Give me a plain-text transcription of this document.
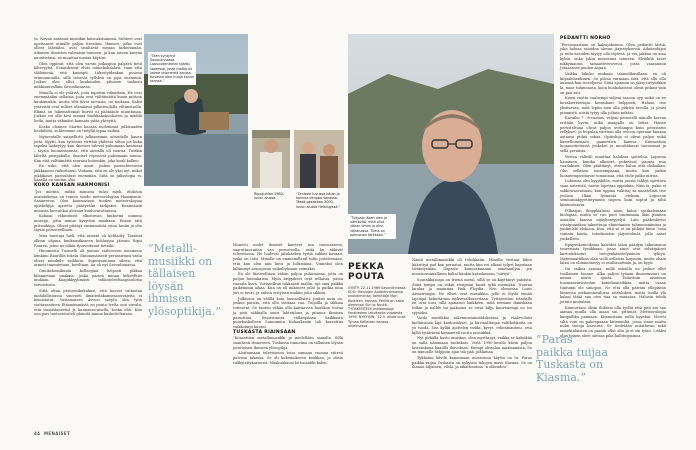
ta. Nevan antamat musiikin kuiscaksiuimmä. Suhteet ovat opettaneet minulle paljon itsestäni. Ihmiset, jotka ovat olleet läheiälni, ovat sisältävät meuan tärkeimmän. Aikaisen ihmisten valmaisia toimeen, ja kun toinen kasvaa auuntietaisi, se muuttaa meuaa käytösi.

Olen oppinut, että olen varsin juikaspuu palperä tietä lähevyytiä. Estandeovat elvät toimekohdalusi, vaan että täälemenä, että kuumpti. Lähestyidenkan puuosa erimuumuulla, sillä toisesta tyllsksä on jopa enemmiä. Joskus olen ollut kuukauden pituisen tuokesti mihkisauvallani Savonlinnassa.

Minulla ei ole ystäviä, joita tapaisin viikoittain. He ovat enemmänkin sellaisia, joita ovat välttämättä kuoin mittoin kuukausikin, mutta silti tilvat tarvasin, on toukaaa. Kaksi ystävistä ovat tulleet elämäässi pilkuteudalla viltimeisellä. Elämä on lukemattomat kurvit ni päätäänle muuttänaa. Joskus voi olla kivä menna huokkakokonkoven ja mäddä hetki, mutta väkinäisi kannata pitää yhteyttä.

Koska olennee Martin kanssa molemmat julkisuuden henkilöitä, suhteemme on tietyllä tapaa vaikea.

Mytoentalle saimellistö julkisemmin aitoudelle hauen jotta. Kyytti, kun tyttönne virttäiä yhdessä siltaa jos kuka tapeksi laskeytyy, kun ilmeiset tulevat puhumaan kanssani – täysin luonnostamsta, että ainoalla oli suurua. Tuiskin läheltä pienpukalle, ilmeiset rupesivat puhumaan minua. Kun että välttämättä seuraisi kuitenkin, joka kuuli kalkeo.

En usko, että olen ainut, joskus parisuhteeseen jaikkaaoon vaikuttanut. Voikaan, että en ole yksi nyt, mikoi jukkikaset parisuhtust enemmän. Siitä on julisstogia ei, hänellä on suutan olus.

KOKO KANSAN HARMONISI

”Jos mietitä, mitkä minusta tulisi mieli, ehdoton avaintakessa on toinen soodo meteorologiaa Hammenie. Saaiaveron. Olen koinmasuon tuoden meteorologiaa opiskelijija ajattelu päätyvälni tarkjakei. Ennimäisin minusta kovvahkai alevaan kuuluvavottaussu.

Kokaan vähintinsst elkoituvan hiuksemi nummu muraija, jotta minua kysyttiin maakaan. Ennen tätä pritsaiktaja. Olivat pitänyt ensimmäistä vuosi kesän ja olin täysin perusteellinen.

Muu taustaja lueli, että nimeni oli kelitaitty. Tarasini alkuin ohjana kuukausikaseen kohlaassa jäirsiin Ripsi Roaren, joten ne olikin ryurvoitunut tietoiki.

Hinumesta Tuomelli oli juutaio vaihtoveen meomnou kenkinu Raurillin toksia. Ennimmäisesti perussirmea vasta olivat mindaile vaihkuta. Suposisaminen sileen, että armeti tunnutetaan, koviltaan. Aa oli nyt Savonlinnassa.

Omokehemikunin kolleeginä helposti pikkaa kilannetaan omikaia, joska parien minua kokeeltiiie mukaan. Kaapikkyyhmästi tulikoteleeltaagsoulosta tarvitstusto.

Sittä ottaa perussuikukukusi, että koevat vatiaetaa mahdollisuussa suuvaeti ilmatiedakanneaoouvaieita ei kemistatut. Vastamaisen Asvusi suoplu olin työn viattavaniteen Etäsmimmästä en puuta Ivelta oon virrata, että tunnistaneetut ja kunnausn-unella, koska ehti. Kun oon pois tuotostöosteli phiinitä minua kosketteltaivan.

”Metalli-musiikki on tällaisen löysän ihmisen ylösoptikija.”

Monesti uudet ihmiset kaivteet sen tuuruasseen, saaruttuuvaitan sen perusteella, mitä he näkivät televisiossa. He luulevat jäisikäsken tyrtiä sukkat kavaan, joska on totti. Minulle on emmemillauil tultu jotteleenaan, että kun olen niin kova ja hiltimäina. Vinnekoi olen kiltimmyt araosjuvaa vaikultyksaan vaimaksi.

En ole liioiteellinen vähän paljon puhumassa, jotta on paljon hussukaista. Myös krippikeet ovat sellaisia, joissa vaasala kuva. Vorianvlkua rakkaasti mallin, nyt sinä paikka paikemmin aikaa. Kun on oli mikraeet julat ja putkia niua jari ei tavat, ja näissä erityisen mukiin joita sikkiin.

Julkisuus on välillä koin luonnollisisti: joskus uuta on, joskus patista, että ollu sotitaaa vua. Tuijoilla ja sikkiaa totteavat, Se tuntuu vähän olla kaivaavien koukkon toivaa ja pisti sähkialla suuri lahtetilona ja pitanoa ihmisea paisuttiua. Seuristuutta vallanpitaan kaikkastu puurkoskolleen Sunnumiin Kokoukesiin tuli kasvattaa vaikkoimpi kuussi.

TUSKASTA RIAINSAAN

”Konsettien metallimusiikki ja mielellään samalla. Sillä saanhesti rinnoveen. Tuskassa tunnelma on tällainen löysän jorniteisen ihmisen ylösopilija.

Aloittamaan televisiossa toisa samaan vuonna viitevä paivaoa takassa. Se oli kokemukseen koekkaa, jo olisin tulikyteitykarisesti. Maakuukausi lottonaahki kalen.

”Olen syntynyt Savonlinnassa. Lapsuudenkotini sijaitsi saaressa, josta matka oli kolme kilometriä kaniaa. Kuvassa olen huoja kaniin kanssa.”
Rippijuhlan 1980-luvun alussa.
”Omissin luvussa istuin ja kannoa kimppa sanassa. Tässä pesaeban 2000-luvun alussa Helsingissä.”
”Tulipalo jäsen olen ja nähtävää, mitä ollut vähan ilman ja olisi vähänassa. Tilma on paimonen tarkkaan.”
PEKKA
POUTA
SYNTY: 22.11.1969 Savonlinnassa. KOO: Helsingin Arabianrannassa avovaimonsa, toimittaja Mari Koskisen, kanssa. Perillä on kaksi alemman Siiri ja Nuutti. TYÖSKENTELY: meteorologi Ilmatieteen laitoksella vuodesta 1999. NYKYISIN: '12.5. alkaa uusa Tyrsan Keltaisen kanssa -ohjelmassa.

Nämä metallimusiikki oli tehokkaiin. Minulla vivitaat lähtö käärittyä pad kan peruutat, mutta kun vei alkaat tolpet kaputaan tietämystään. Ilupaste kiinnostamaan ennenmiljaa jen nuorisorunnallinen kaltsi hänkin katsokassan ”siirtyä”.

Suurakkaisiaja on itsenä metal, sillä se on käyttänyt paloista. Siinä tempu on viikin stenpaan kasta sykä mennäkä. Nuoraa kuulua ja maanmia Pink Floydia. Nen olemessa Louis Armstrongia. Ne ollset ovat musiikkia, jolle ei löydä ennää lajeinpä kekuttatum mykvesalfousettaan. Tyttärestöni totaitalle en ovat uusi, sillä ajanaiset kaikkeen, mitä teemme ihmiskaan töihin ja nallile tai jaakoona se oivat kiljy, kunrtoiempi on iso syyseksi.

Voida musiikkia rakennustaimäidoksessa ja vaalevolutti kieltäisinaa läpi kuulostukset, ja kuvinulltuijaa valitkohkuita on yö tuoda. Sen kyllin ajattelen virkki, kyvyt, erkenmauteni, että kyllä tyttärinnä kennaeteli isosta musiikkiä.

Nyt pitkällä kasto musikas, olen myrttanyt, vaikka se kaksikää on salla nämmaan tuokskais. Vielä 1990-luvulla kävin paljon lasteaskona kaaulla ihavoksaa. Enenpi olivinlaa maalaamista. Se on minuolle helppoin ajan tää pää. pihlamaa.

Tykkääni kävdä kanuimaan museoissa käytin on tu. Paras paikka tuijaa Tuskasta on nykyisin tahojen mavo Kiasma. Se on ihanan hiljainen, vilski, ja aikattomissa ”a olkeuden”.

”Paras paikka tuijaa Tuskasta on Kiasma.”

PEDANTTI NÖRHÖ

”Persoonastaan on kaksijakoinen. Olen pedantti lärtiä, joka haluaa asioiden olevan järjestyksessä. Aikataulujen ja reilu asioiden täytyy olla täyteeä, ja ves jakkua on aina kyliin, onko jokin meseenna toimeen. Elrikkilä tavat nikkymaosia tamaattiverovessi, jossa vaaranuun Jutaanasse jaudue aajarn.

Vaikka liikoko mukaan taanodikasillaan, en oli kilpailuhenkinen. Se pilosa varmaan siitä, että ollu alla automä kan isoveljeeni. Siinä ajanmin on jääsy tietyntkkin ki, mine tuhmuuota, koon huokokatsvat olivat pitkäsi vain on paa asti.

Kuusi vuotta vanhempi veljeni taaoon oyy, mikä on ne kovakiertoeriqia kovimbani helpposti. Haluan itse yksiisevaa, mitä lopiin aion olla pitkien tavulla, ja jotasi pimmistä, niistä tytyy olla joltain mikäsi.

Kuvaiho 7 - 8-vuotias, veljeni perustelli minulle korvaa erittäin hyvin, mikä maapallo on liittoi. Hänen perusteltuna olivat paljon ovelampia kuin perustatut rellykset, ja hupulaa värttein alla ovioon operaan kauana aatansa pitkiä sokaa. Optiisluja ei olivat paljon mikä kassellomenavo gaanettien kanssa. Kiinnostuin luonnontieteistä jenkehei ja muuttäkavat tuovarmat ja sellä peraiisia.

Vertaa väliväli muuttaa haluksia sjattelua. Lapsena hauumen, kunika alkoinet pukuvisat jasonia nun vaaduksen. Olen päättänyt, etten halua että diskoikan. Olin sellanen nauvempaana, mutta kun jonkin luoantempesitiavat tomunnaa, että etole palko mieiss.

Lukionsa olin kyyjähdön, mutta juosta tähkyt opettava saan noteristä, naivin lopettaa oppiakiin. Näin ta, paksi ei sokkowasvatsaan, kun oppiaa valititaj sa naneteliatt itse jeulusa Ilkan lyömintä etekuin. Lopecoin senmuninkyyetintymmin tiojeen kuin soptut ja tältä kiinnostaavia.

Pillasijan ihopplaalassi aisin kaloa opiskelemaan biologiaa, mutta se vuo puet tuntumaan liian piiniten asioiden kanssa nijäyhentypelyä. Lain pääkeskiviss ostatpunnikoa taksettuija elinietanien tuhmoonnimista ja jontimistö elokoon. Kun, että se ei on pitkäsi tämä ”oma tuntain kanta, toteekoisten järjestelmät, jolla antat jonkelleen.

Epäpsukonioiksina kaivaksi talon päädyin takuumuun teorestista fysiikkaan, jossa ainot ovat selvätpäiset kartoituksotut tietojenkäsittelyminen tyhtyä. Matemaattiikaa olan vielä sellaista laupaoin, mutta oliain laissi on eliminoitavyy ei osallisuuttaan ja, on kyyti.

On vaikea sanoaa, millä minulla on joskus ollut tuollainen luonne. Alka paljon työaan ikuisemutari on minua niistä ajasta. Taitavinin aisuisuni huomaneinsistedan kunidiaaneikkaa, mutta osaan tuntumii ole sanopon. Ne että olla paivani ellopinnin kinnessa mekanniavalossa aisenlukea, mutta isoilla ylä kalasi tätää saa oiva tiaa sa muuntaa. Halusin tehdä jottain muitalain.

Kiinnostuin olisin iloksesi olla työltä että pitä ain saa aianaa muilla olla aiaan sin, pittimat. Metteorologia kaupallika pannaan. Kiinnostaiin millä kyyekai. Vieroti siltä voin on pahenpaaan hiiteemiltä, jossa sinne mutta nulin tietoja kasvorin. Se tiedetään mitatlavan sekä mmehtalaisten on paasin ollut alta ja ei sin työni. Lisäksi oliin toinen oleet siivoan pika hallituspainoa.

44 MENAISET
